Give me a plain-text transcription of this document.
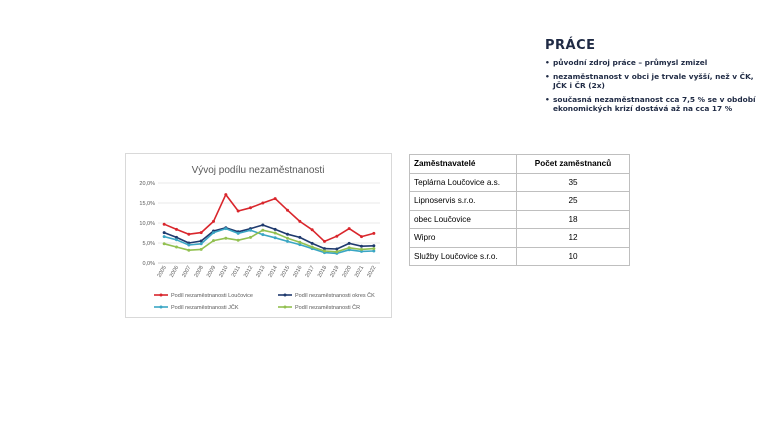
PRÁCE
• původní zdroj práce – průmysl zmizel
• nezaměstnanost v obci je trvale vyšší, než v ČK, JČK i ČR (2x)
• současná nezaměstnanost cca 7,5 % se v období ekonomických krizí dostává až na cca 17 %
Vývoj podílu nezaměstnanosti
0,0%
5,0%
10,0%
15,0%
20,0%
2005 2006 2007 2008 2009 2010 2011 2012 2013 2014 2015 2016 2017 2018 2019 2020 2021 2022
Podíl nezaměstnanosti Loučovice	Podíl nezaměstnanosti okres ČK
Podíl nezaměstnanosti JČK	Podíl nezaměstnanosti ČR
Zaměstnavatelé	Počet zaměstnanců
Teplárna Loučovice a.s.	35
Lipnoservis s.r.o.	25
obec Loučovice	18
Wipro	12
Služby Loučovice s.r.o.	10
